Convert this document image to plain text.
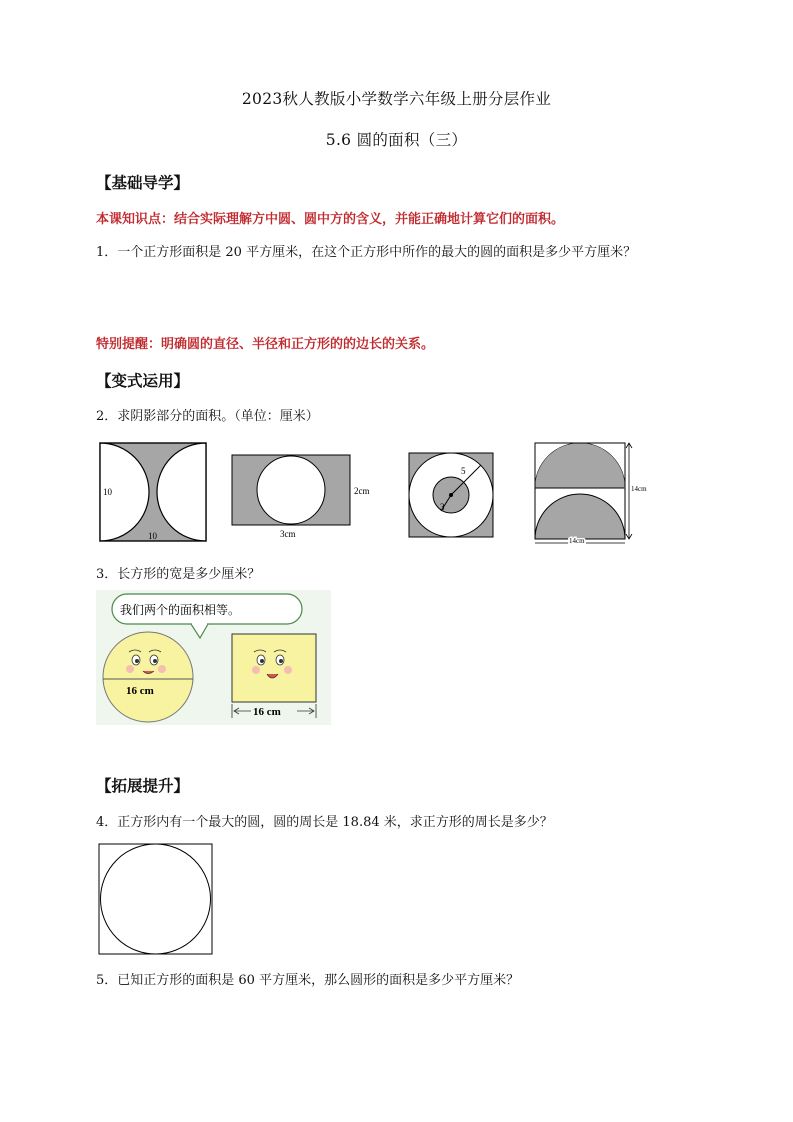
2023秋人教版小学数学六年级上册分层作业
5.6 圆的面积（三）
【基础导学】
本课知识点：结合实际理解方中圆、圆中方的含义，并能正确地计算它们的面积。
1．一个正方形面积是 20 平方厘米，在这个正方形中所作的最大的圆的面积是多少平方厘米？
特别提醒：明确圆的直径、半径和正方形的的边长的关系。
【变式运用】
2．求阴影部分的面积。（单位：厘米）
10
10
2cm
3cm
5
3
14cm
14cm
3．长方形的宽是多少厘米？
我们两个的面积相等。
16 cm
16 cm
【拓展提升】
4．正方形内有一个最大的圆，圆的周长是 18.84 米，求正方形的周长是多少？
5．已知正方形的面积是 60 平方厘米，那么圆形的面积是多少平方厘米？
